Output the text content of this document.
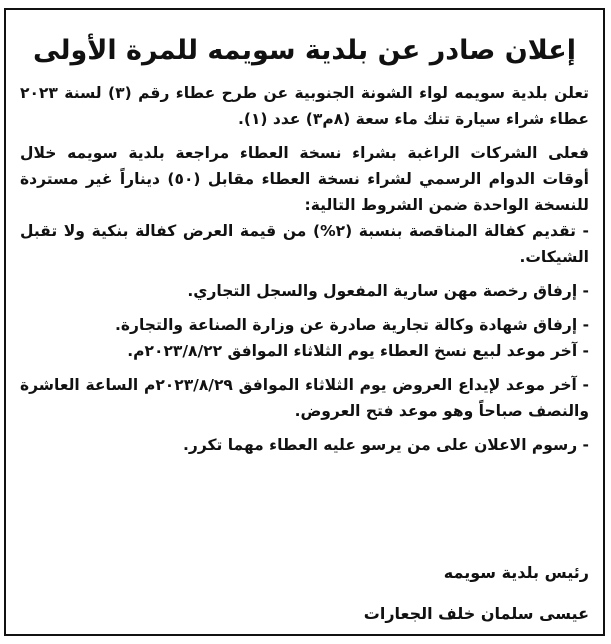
إعلان صادر عن بلدية سويمه للمرة الأولى

تعلن بلدية سويمه لواء الشونة الجنوبية عن طرح عطاء رقم (٣) لسنة ٢٠٢٣ عطاء شراء سيارة تنك ماء سعة (٨م٣) عدد (١).

فعلى الشركات الراغبة بشراء نسخة العطاء مراجعة بلدية سويمه خلال أوقات الدوام الرسمي لشراء نسخة العطاء مقابل (٥٠) ديناراً غير مستردة للنسخة الواحدة ضمن الشروط التالية:

- تقديم كفالة المناقصة بنسبة (٢%) من قيمة العرض كفالة بنكية ولا تقبل الشيكات.

- إرفاق رخصة مهن سارية المفعول والسجل التجاري.

- إرفاق شهادة وكالة تجارية صادرة عن وزارة الصناعة والتجارة.

- آخر موعد لبيع نسخ العطاء يوم الثلاثاء الموافق ٢٠٢٣/٨/٢٢م.

- آخر موعد لإيداع العروض يوم الثلاثاء الموافق ٢٠٢٣/٨/٢٩م الساعة العاشرة والنصف صباحاً وهو موعد فتح العروض.

- رسوم الاعلان على من يرسو عليه العطاء مهما تكرر.

رئيس بلدية سويمه
عيسى سلمان خلف الجعارات
